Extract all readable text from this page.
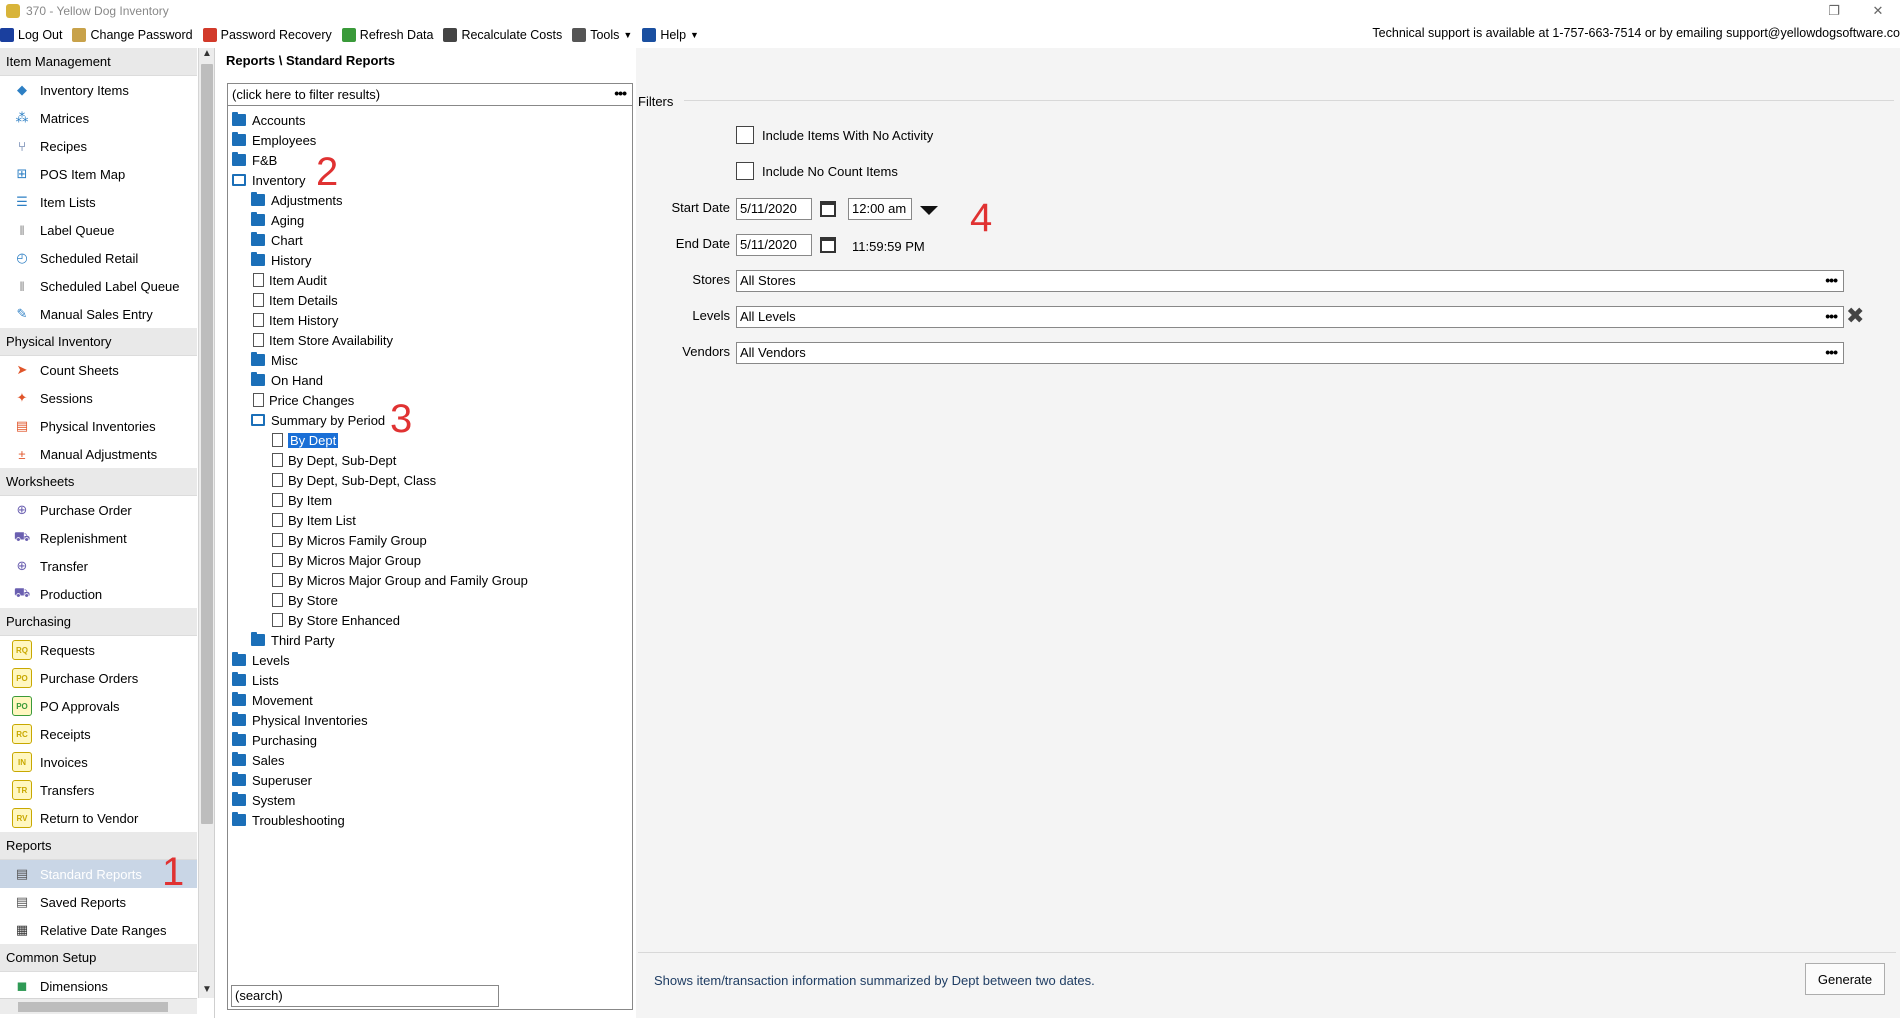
370 - Yellow Dog Inventory	❐	✕
Log Out Change Password Password Recovery Refresh Data Recalculate Costs Tools ▼ Help ▼	Technical support is available at 1-757-663-7514 or by emailing support@yellowdogsoftware.co
Item Management
◆	Inventory Items
⁂ Matrices
⑂	Recipes
⊞ POS Item Map
☰ Item Lists
‖	Label Queue
◴ Scheduled Retail
‖	Scheduled Label Queue
✎ Manual Sales Entry
Physical Inventory
➤ Count Sheets
✦ Sessions
▤ Physical Inventories
±	Manual Adjustments
Worksheets
⊕ Purchase Order
⛟ Replenishment
⊕ Transfer
⛟ Production
Purchasing
RQ Requests
PO Purchase Orders
PO PO Approvals
RC Receipts
IN	Invoices
TR Transfers
RV Return to Vendor
Reports
▤ Standard Reports
▤ Saved Reports
▦ Relative Date Ranges
Common Setup
◼ Dimensions
▲
▼
Reports \ Standard Reports
(click here to filter results)	•••
Accounts
Employees
F&B
Inventory
Adjustments
Aging
Chart
History
Item Audit
Item Details
Item History
Item Store Availability
Misc
On Hand
Price Changes
Summary by Period
By Dept
By Dept, Sub-Dept
By Dept, Sub-Dept, Class
By Item
By Item List
By Micros Family Group
By Micros Major Group
By Micros Major Group and Family Group
By Store
By Store Enhanced
Third Party
Levels
Lists
Movement
Physical Inventories
Purchasing
Sales
Superuser
System
Troubleshooting
(search)
Filters
Include Items With No Activity
Include No Count Items
Start Date 5/11/2020	12:00 am
End Date 5/11/2020	11:59:59 PM
Stores All Stores	•••
Levels All Levels	••• ✖
Vendors All Vendors	•••
Shows item/transaction information summarized by Dept between two dates.	Generate
1
2
3
4
